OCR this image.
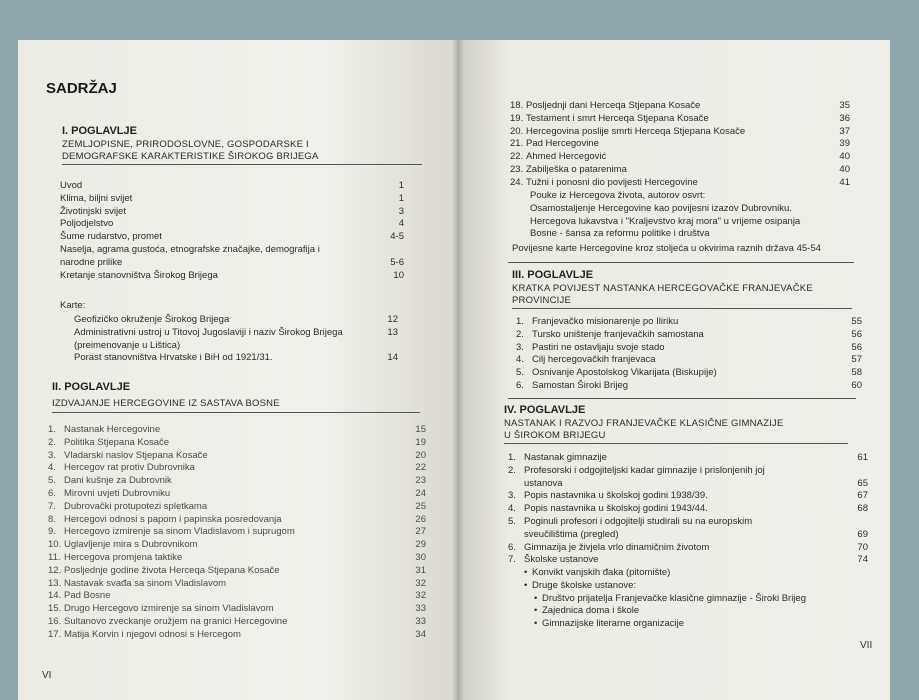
SADRŽAJ
I. POGLAVLJE
ZEMLJOPISNE, PRIRODOSLOVNE, GOSPODARSKE I
DEMOGRAFSKE KARAKTERISTIKE ŠIROKOG BRIJEGA
Uvod	1
Klima, biljni svijet	1
Životinjski svijet	3
Poljodjelstvo	4
Šume rudarstvo, promet	4-5
Naselja, agrama gustoća, etnografske značajke, demografija i
narodne prilike	5-6
Kretanje stanovništva Širokog Brijega	10
Karte:
Geofizičko okruženje Širokog Brijega	12
Administrativni ustroj u Titovoj Jugoslaviji i naziv Širokog Brijega	13
(preimenovanje u Lištica)
Porast stanovništva Hrvatske i BiH od 1921/31.	14
II. POGLAVLJE
IZDVAJANJE HERCEGOVINE IZ SASTAVA BOSNE
1. Nastanak Hercegovine	15
2. Politika Stjepana Kosače	19
3. Vladarski naslov Stjepana Kosače	20
4. Hercegov rat protiv Dubrovnika	22
5. Dani kušnje za Dubrovnik	23
6. Mirovni uvjeti Dubrovniku	24
7. Dubrovački protupotezi spletkama	25
8. Hercegovi odnosi s papom i papinska posredovanja	26
9. Hercegovo izmirenje sa sinom Vladislavom i suprugom	27
10. Uglavljenje mira s Dubrovnikom	29
11. Hercegova promjena taktike	30
12. Posljednje godine života Herceqa Stjepana Kosače	31
13. Nastavak svađa sa sinom Vladislavom	32
14. Pad Bosne	32
15. Drugo Hercegovo izmirenje sa sinom Vladislavom	33
16. Sultanovo zveckanje oružjem na granici Hercegovine	33
17. Matija Korvin i njegovi odnosi s Hercegom	34
VI
18. Posljednji dani Herceqa Stjepana Kosače	35
19. Testament i smrt Herceqa Stjepana Kosače	36
20. Hercegovina poslije smrti Herceqa Stjepana Kosače	37
21. Pad Hercegovine	39
22. Ahmed Hercegović	40
23. Zabilješka o patarenima	40
24. Tužni i ponosni dio povijesti Hercegovine	41
Pouke iz Hercegova života, autorov osvrt:
Osamostaljenje Hercegovine kao povijesni izazov Dubrovniku.
Hercegova lukavstva i "Kraljevstvo kraj mora" u vrijeme osipanja
Bosne - šansa za reformu politike i društva
Povijesne karte Hercegovine kroz stoljeća u okvirima raznih država 45-54
III. POGLAVLJE
KRATKA POVIJEST NASTANKA HERCEGOVAČKE FRANJEVAČKE
PROVINCIJE
1. Franjevačko misionarenje po Iliriku	55
2. Tursko uništenje franjevačkih samostana	56
3. Pastiri ne ostavljaju svoje stado	56
4. Cilj hercegovačkih franjevaca	57
5. Osnivanje Apostolskog Vikarijata (Biskupije)	58
6. Samostan Široki Brijeg	60
IV. POGLAVLJE
NASTANAK I RAZVOJ FRANJEVAČKE KLASIČNE GIMNAZIJE
U ŠIROKOM BRIJEGU
1. Nastanak gimnazije	61
2. Profesorski i odgojiteljski kadar gimnazije i prislonjenih joj
ustanova	65
3. Popis nastavnika u školskoj godini 1938/39.	67
4. Popis nastavnika u školskoj godini 1943/44.	68
5. Poginuli profesori i odgojitelji studirali su na europskim
sveučilištima (pregled)	69
6. Gimnazija je živjela vrlo dinamičnim životom	70
7. Školske ustanove	74
• Konvikt vanjskih đaka (pitomište)
• Druge školske ustanove:
• Društvo prijatelja Franjevačke klasične gimnazije - Široki Brijeg
• Zajednica doma i škole
• Gimnazijske literarne organizacije
VII
